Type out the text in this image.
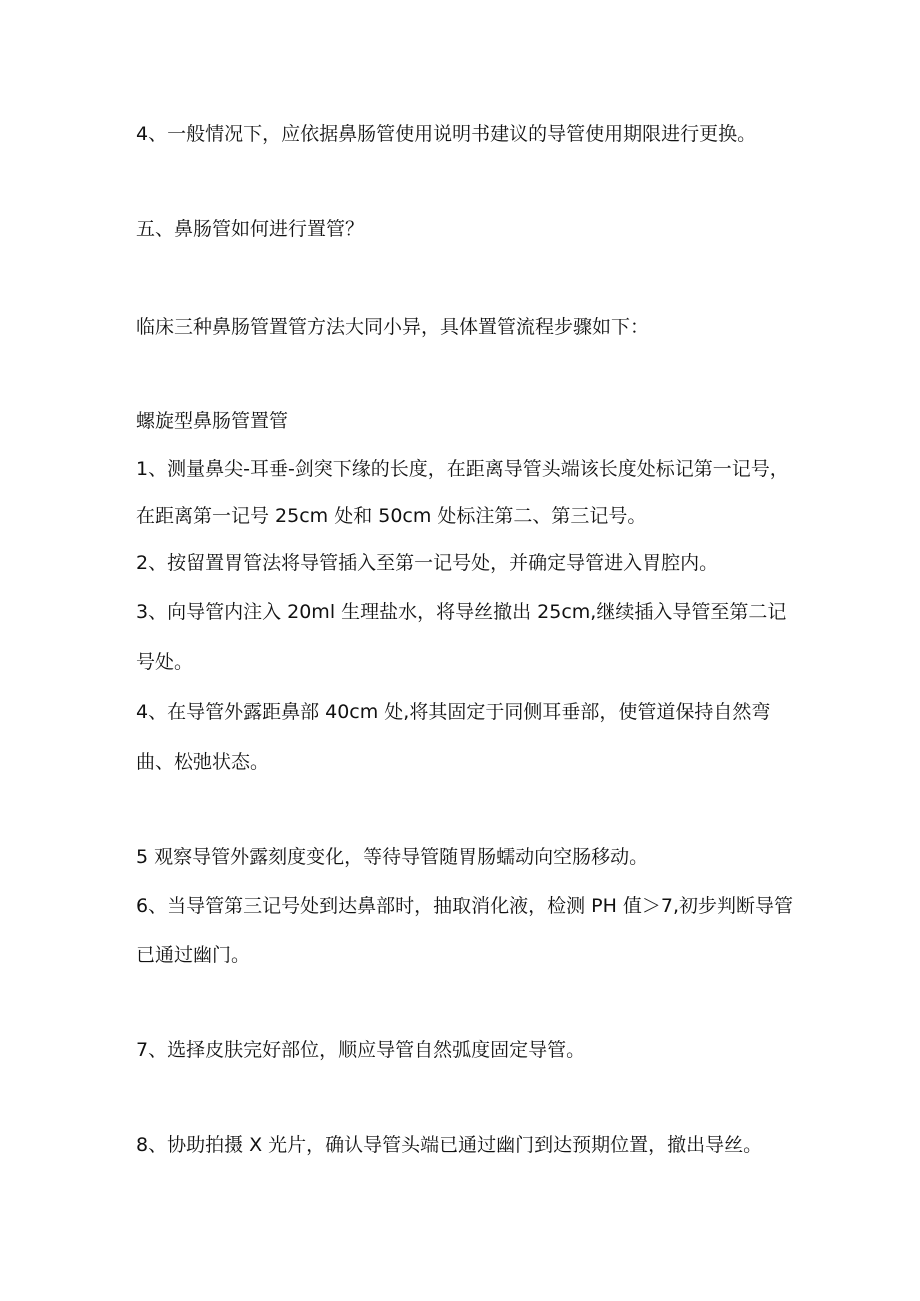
4、一般情况下，应依据鼻肠管使用说明书建议的导管使用期限进行更换。
五、鼻肠管如何进行置管？
临床三种鼻肠管置管方法大同小异，具体置管流程步骤如下：
螺旋型鼻肠管置管
1、测量鼻尖-耳垂-剑突下缘的长度，在距离导管头端该长度处标记第一记号，
在距离第一记号 25cm 处和 50cm 处标注第二、第三记号。
2、按留置胃管法将导管插入至第一记号处，并确定导管进入胃腔内。
3、向导管内注入 20ml 生理盐水，将导丝撤出 25cm,继续插入导管至第二记
号处。
4、在导管外露距鼻部 40cm 处,将其固定于同侧耳垂部，使管道保持自然弯
曲、松弛状态。
5 观察导管外露刻度变化，等待导管随胃肠蠕动向空肠移动。
6、当导管第三记号处到达鼻部时，抽取消化液，检测 PH 值＞7,初步判断导管
已通过幽门。
7、选择皮肤完好部位，顺应导管自然弧度固定导管。
8、协助拍摄 X 光片，确认导管头端已通过幽门到达预期位置，撤出导丝。
